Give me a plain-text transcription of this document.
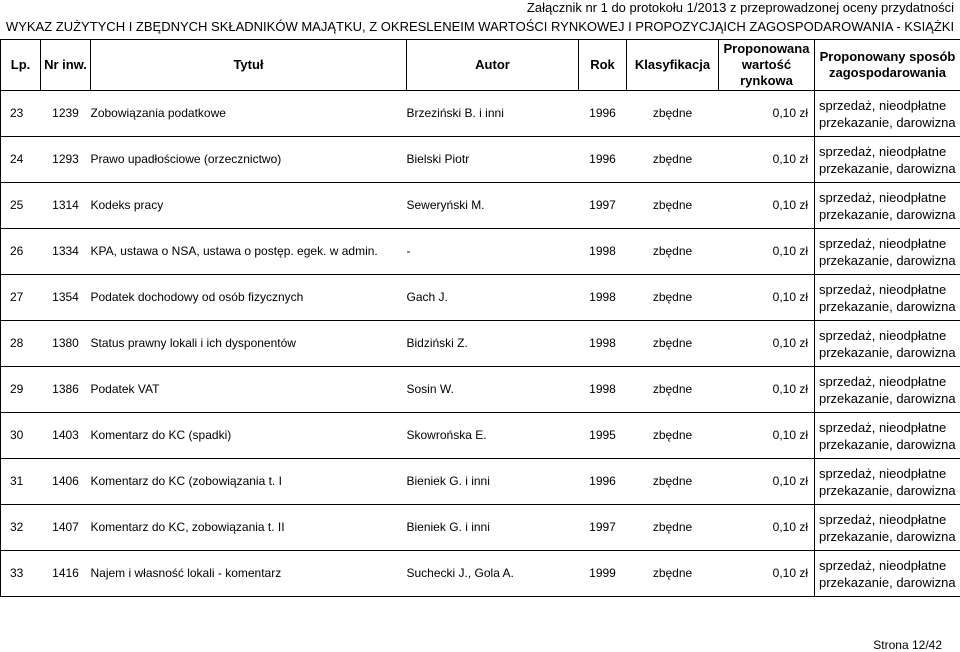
Załącznik nr 1 do protokołu 1/2013 z przeprowadzonej oceny przydatności
WYKAZ ZUŻYTYCH I ZBĘDNYCH SKŁADNIKÓW MAJĄTKU, Z OKRESLENEIM WARTOŚCI RYNKOWEJ I PROPOZYCJĄICH ZAGOSPODAROWANIA - KSIĄŻKI
Lp.	Nr inw.	Tytuł	Autor	Rok	Klasyfikacja	Proponowana wartość rynkowa	Proponowany sposób zagospodarowania
23	1239	Zobowiązania podatkowe	Brzeziński B. i inni	1996	zbędne	0,10 zł	sprzedaż, nieodpłatne przekazanie, darowizna
24	1293	Prawo upadłościowe (orzecznictwo)	Bielski Piotr	1996	zbędne	0,10 zł	sprzedaż, nieodpłatne przekazanie, darowizna
25	1314	Kodeks pracy	Seweryński M.	1997	zbędne	0,10 zł	sprzedaż, nieodpłatne przekazanie, darowizna
26	1334	KPA, ustawa o NSA, ustawa o postęp. egek. w admin.	-	1998	zbędne	0,10 zł	sprzedaż, nieodpłatne przekazanie, darowizna
27	1354	Podatek dochodowy od osób fizycznych	Gach J.	1998	zbędne	0,10 zł	sprzedaż, nieodpłatne przekazanie, darowizna
28	1380	Status prawny lokali i ich dysponentów	Bidziński Z.	1998	zbędne	0,10 zł	sprzedaż, nieodpłatne przekazanie, darowizna
29	1386	Podatek VAT	Sosin W.	1998	zbędne	0,10 zł	sprzedaż, nieodpłatne przekazanie, darowizna
30	1403	Komentarz do KC (spadki)	Skowrońska E.	1995	zbędne	0,10 zł	sprzedaż, nieodpłatne przekazanie, darowizna
31	1406	Komentarz do KC (zobowiązania t. I	Bieniek G. i inni	1996	zbędne	0,10 zł	sprzedaż, nieodpłatne przekazanie, darowizna
32	1407	Komentarz do KC, zobowiązania t. II	Bieniek G. i inni	1997	zbędne	0,10 zł	sprzedaż, nieodpłatne przekazanie, darowizna
33	1416	Najem i własność lokali - komentarz	Suchecki J., Gola A.	1999	zbędne	0,10 zł	sprzedaż, nieodpłatne przekazanie, darowizna
Strona 12/42
